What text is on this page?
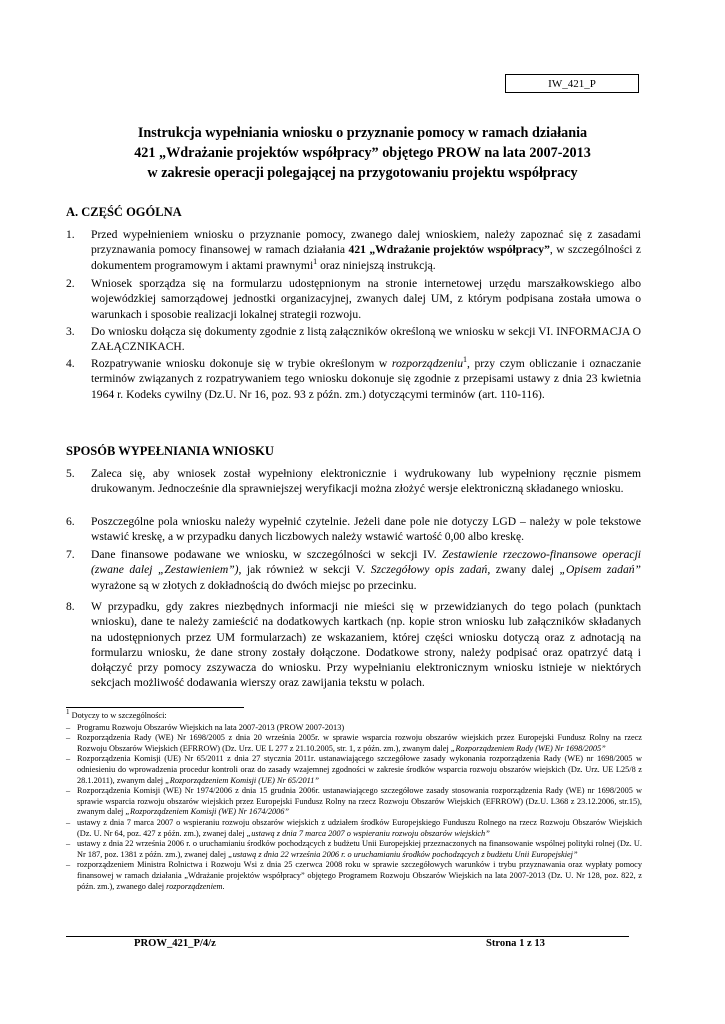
IW_421_P
Instrukcja wypełniania wniosku o przyznanie pomocy w ramach działania
421 „Wdrażanie projektów współpracy” objętego PROW na lata 2007-2013
w zakresie operacji polegającej na przygotowaniu projektu współpracy
A. CZĘŚĆ OGÓLNA
1. Przed wypełnieniem wniosku o przyznanie pomocy, zwanego dalej wnioskiem, należy zapoznać się z zasadami przyznawania pomocy finansowej w ramach działania 421 „Wdrażanie projektów współpracy”, w szczególności z dokumentem programowym i aktami prawnymi$^1$ oraz niniejszą instrukcją.
2. Wniosek sporządza się na formularzu udostępnionym na stronie internetowej urzędu marszałkowskiego albo wojewódzkiej samorządowej jednostki organizacyjnej, zwanych dalej UM, z którym podpisana została umowa o warunkach i sposobie realizacji lokalnej strategii rozwoju.
3. Do wniosku dołącza się dokumenty zgodnie z listą załączników określoną we wniosku w sekcji VI. INFORMACJA O ZAŁĄCZNIKACH.
4. Rozpatrywanie wniosku dokonuje się w trybie określonym w rozporządzeniu$^1$, przy czym obliczanie i oznaczanie terminów związanych z rozpatrywaniem tego wniosku dokonuje się zgodnie z przepisami ustawy z dnia 23 kwietnia 1964 r. Kodeks cywilny (Dz.U. Nr 16, poz. 93 z późn. zm.) dotyczącymi terminów (art. 110-116).
SPOSÓB WYPEŁNIANIA WNIOSKU
5. Zaleca się, aby wniosek został wypełniony elektronicznie i wydrukowany lub wypełniony ręcznie pismem drukowanym. Jednocześnie dla sprawniejszej weryfikacji można złożyć wersje elektroniczną składanego wniosku.
6. Poszczególne pola wniosku należy wypełnić czytelnie. Jeżeli dane pole nie dotyczy LGD – należy w pole tekstowe wstawić kreskę, a w przypadku danych liczbowych należy wstawić wartość 0,00 albo kreskę.
7. Dane finansowe podawane we wniosku, w szczególności w sekcji IV. Zestawienie rzeczowo-finansowe operacji (zwane dalej „Zestawieniem”), jak również w sekcji V. Szczegółowy opis zadań, zwany dalej „Opisem zadań” wyrażone są w złotych z dokładnością do dwóch miejsc po przecinku.
8. W przypadku, gdy zakres niezbędnych informacji nie mieści się w przewidzianych do tego polach (punktach wniosku), dane te należy zamieścić na dodatkowych kartkach (np. kopie stron wniosku lub załączników składanych na udostępnionych przez UM formularzach) ze wskazaniem, której części wniosku dotyczą oraz z adnotacją na formularzu wniosku, że dane strony zostały dołączone. Dodatkowe strony, należy podpisać oraz opatrzyć datą i dołączyć przy pomocy zszywacza do wniosku. Przy wypełnianiu elektronicznym wniosku istnieje w niektórych sekcjach możliwość dodawania wierszy oraz zawijania tekstu w polach.
$^1$ Dotyczy to w szczególności:
– Programu Rozwoju Obszarów Wiejskich na lata 2007-2013 (PROW 2007-2013)
– Rozporządzenia Rady (WE) Nr 1698/2005 z dnia 20 września 2005r. w sprawie wsparcia rozwoju obszarów wiejskich przez Europejski Fundusz Rolny na rzecz Rozwoju Obszarów Wiejskich (EFRROW) (Dz. Urz. UE L 277 z 21.10.2005, str. 1, z późn. zm.), zwanym dalej „Rozporządzeniem Rady (WE) Nr 1698/2005”
– Rozporządzenia Komisji (UE) Nr 65/2011 z dnia 27 stycznia 2011r. ustanawiającego szczegółowe zasady wykonania rozporządzenia Rady (WE) nr 1698/2005 w odniesieniu do wprowadzenia procedur kontroli oraz do zasady wzajemnej zgodności w zakresie środków wsparcia rozwoju obszarów wiejskich (Dz. Urz. UE L25/8 z 28.1.2011), zwanym dalej „Rozporządzeniem Komisji (UE) Nr 65/2011”
– Rozporządzenia Komisji (WE) Nr 1974/2006 z dnia 15 grudnia 2006r. ustanawiającego szczegółowe zasady stosowania rozporządzenia Rady (WE) nr 1698/2005 w sprawie wsparcia rozwoju obszarów wiejskich przez Europejski Fundusz Rolny na rzecz Rozwoju Obszarów Wiejskich (EFRROW) (Dz.U. L368 z 23.12.2006, str.15), zwanym dalej „Rozporządzeniem Komisji (WE) Nr 1674/2006”
– ustawy z dnia 7 marca 2007 o wspieraniu rozwoju obszarów wiejskich z udziałem środków Europejskiego Funduszu Rolnego na rzecz Rozwoju Obszarów Wiejskich (Dz. U. Nr 64, poz. 427 z późn. zm.), zwanej dalej „ustawą z dnia 7 marca 2007 o wspieraniu rozwoju obszarów wiejskich”
– ustawy z dnia 22 września 2006 r. o uruchamianiu środków pochodzących z budżetu Unii Europejskiej przeznaczonych na finansowanie wspólnej polityki rolnej (Dz. U. Nr 187, poz. 1381 z późn. zm.), zwanej dalej „ustawą z dnia 22 września 2006 r. o uruchamianiu środków pochodzących z budżetu Unii Europejskiej”
– rozporządzeniem Ministra Rolnictwa i Rozwoju Wsi z dnia 25 czerwca 2008 roku w sprawie szczegółowych warunków i trybu przyznawania oraz wypłaty pomocy finansowej w ramach działania „Wdrażanie projektów współpracy” objętego Programem Rozwoju Obszarów Wiejskich na lata 2007-2013 (Dz. U. Nr 128, poz. 822, z późn. zm.), zwanego dalej rozporządzeniem.
PROW_421_P/4/z	Strona 1 z 13
